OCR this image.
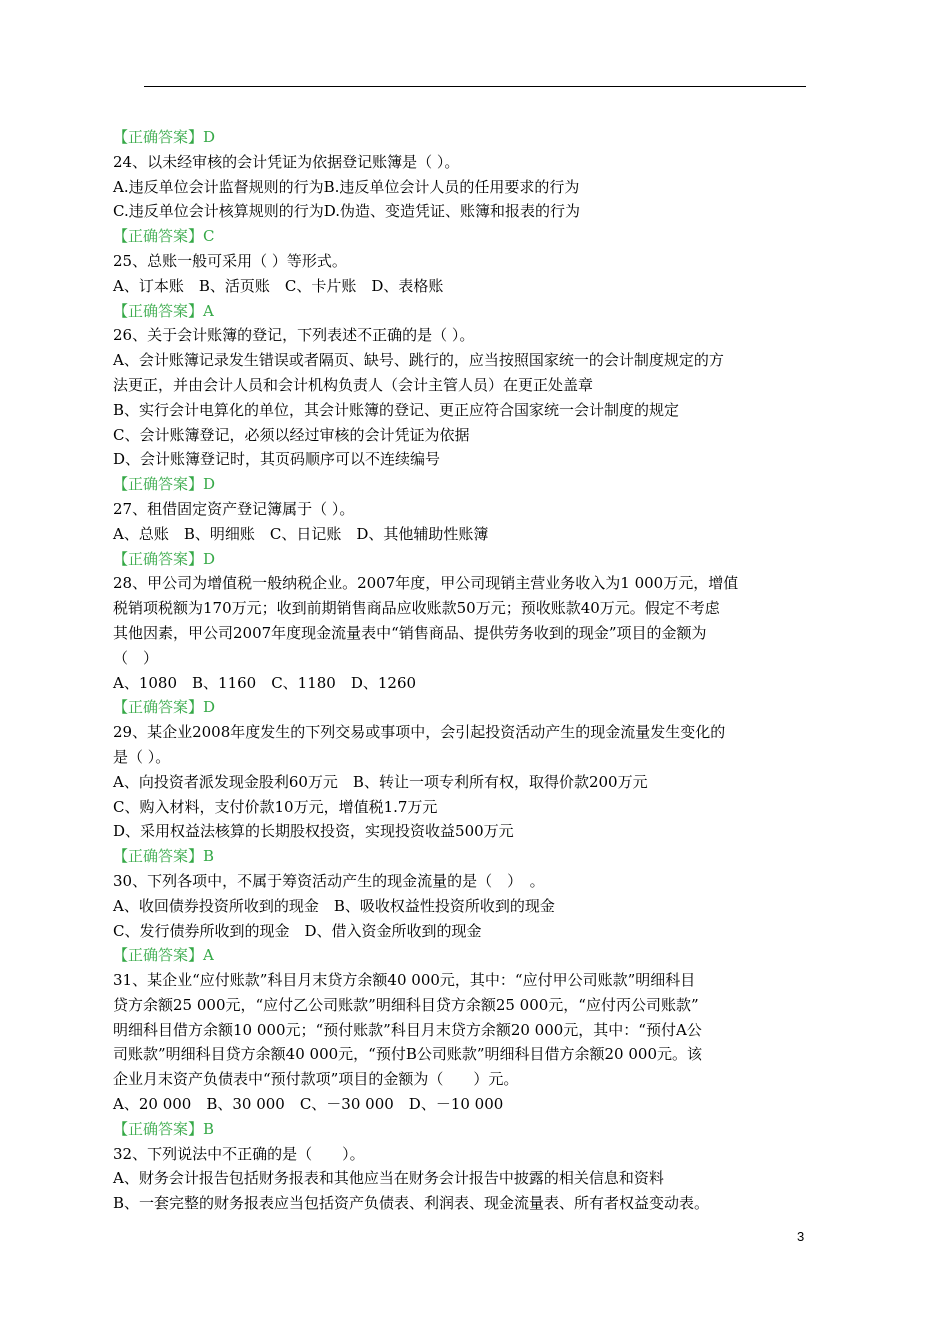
【正确答案】D
24、以未经审核的会计凭证为依据登记账簿是（ ）。
A.违反单位会计监督规则的行为B.违反单位会计人员的任用要求的行为
C.违反单位会计核算规则的行为D.伪造、变造凭证、账簿和报表的行为
【正确答案】C
25、总账一般可采用（ ）等形式。
A、订本账　B、活页账　C、卡片账　D、表格账
【正确答案】A
26、关于会计账簿的登记，下列表述不正确的是（ ）。
A、会计账簿记录发生错误或者隔页、缺号、跳行的，应当按照国家统一的会计制度规定的方
法更正，并由会计人员和会计机构负责人（会计主管人员）在更正处盖章
B、实行会计电算化的单位，其会计账簿的登记、更正应符合国家统一会计制度的规定
C、会计账簿登记，必须以经过审核的会计凭证为依据
D、会计账簿登记时，其页码顺序可以不连续编号
【正确答案】D
27、租借固定资产登记簿属于（ ）。
A、总账　B、明细账　C、日记账　D、其他辅助性账簿
【正确答案】D
28、甲公司为增值税一般纳税企业。2007年度，甲公司现销主营业务收入为1 000万元，增值
税销项税额为170万元；收到前期销售商品应收账款50万元；预收账款40万元。假定不考虑
其他因素，甲公司2007年度现金流量表中“销售商品、提供劳务收到的现金”项目的金额为
（　）
A、1080　B、1160　C、1180　D、1260
【正确答案】D
29、某企业2008年度发生的下列交易或事项中，会引起投资活动产生的现金流量发生变化的
是（ ）。
A、向投资者派发现金股利60万元　B、转让一项专利所有权，取得价款200万元
C、购入材料，支付价款10万元，增值税1.7万元
D、采用权益法核算的长期股权投资，实现投资收益500万元
【正确答案】B
30、下列各项中，不属于筹资活动产生的现金流量的是（　）　。
A、收回债券投资所收到的现金　B、吸收权益性投资所收到的现金
C、发行债券所收到的现金　D、借入资金所收到的现金
【正确答案】A
31、某企业“应付账款”科目月末贷方余额40 000元，其中：“应付甲公司账款”明细科目
贷方余额25 000元，“应付乙公司账款”明细科目贷方余额25 000元，“应付丙公司账款”
明细科目借方余额10 000元；“预付账款”科目月末贷方余额20 000元，其中：“预付A公
司账款”明细科目贷方余额40 000元，“预付B公司账款”明细科目借方余额20 000元。该
企业月末资产负债表中“预付款项”项目的金额为（　　）元。
A、20 000　B、30 000　C、－30 000　D、－10 000
【正确答案】B
32、下列说法中不正确的是（　　）。
A、财务会计报告包括财务报表和其他应当在财务会计报告中披露的相关信息和资料
B、一套完整的财务报表应当包括资产负债表、利润表、现金流量表、所有者权益变动表。
3
